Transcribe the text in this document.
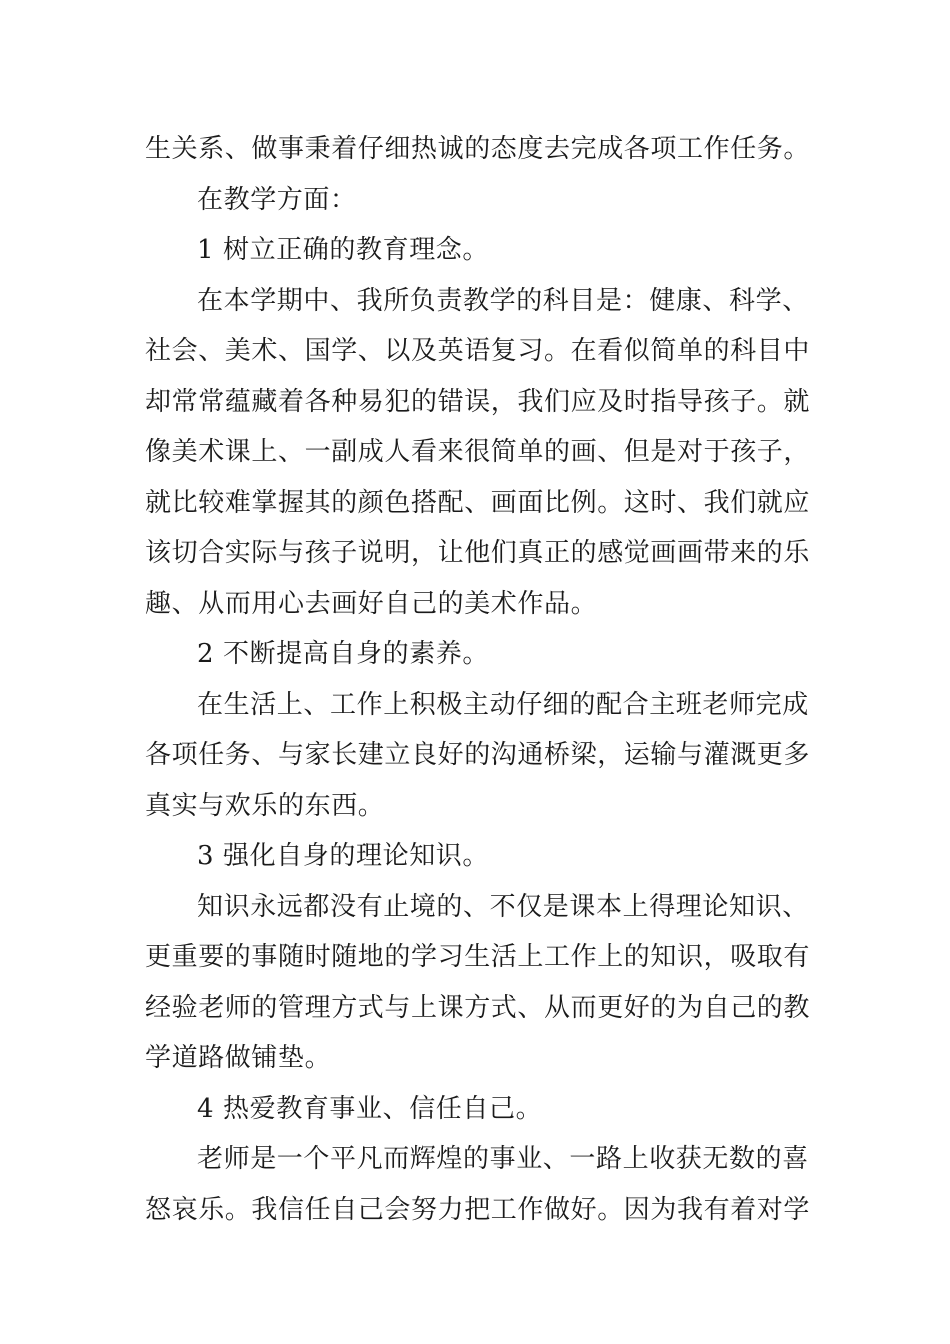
生关系、做事秉着仔细热诚的态度去完成各项工作任务。
在教学方面：
1 树立正确的教育理念。
在本学期中、我所负责教学的科目是：健康、科学、
社会、美术、国学、以及英语复习。在看似简单的科目中
却常常蕴藏着各种易犯的错误，我们应及时指导孩子。就
像美术课上、一副成人看来很简单的画、但是对于孩子，
就比较难掌握其的颜色搭配、画面比例。这时、我们就应
该切合实际与孩子说明，让他们真正的感觉画画带来的乐
趣、从而用心去画好自己的美术作品。
2 不断提高自身的素养。
在生活上、工作上积极主动仔细的配合主班老师完成
各项任务、与家长建立良好的沟通桥梁，运输与灌溉更多
真实与欢乐的东西。
3 强化自身的理论知识。
知识永远都没有止境的、不仅是课本上得理论知识、
更重要的事随时随地的学习生活上工作上的知识，吸取有
经验老师的管理方式与上课方式、从而更好的为自己的教
学道路做铺垫。
4 热爱教育事业、信任自己。
老师是一个平凡而辉煌的事业、一路上收获无数的喜
怒哀乐。我信任自己会努力把工作做好。因为我有着对学
